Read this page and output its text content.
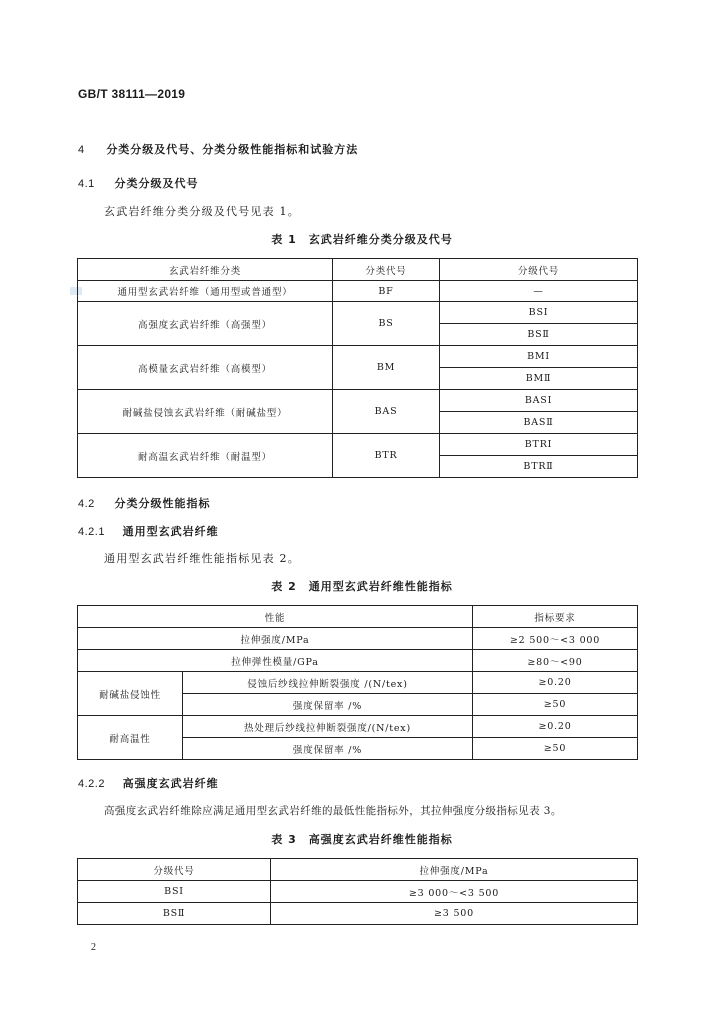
GB/T 38111—2019
4 分类分级及代号、分类分级性能指标和试验方法
4.1 分类分级及代号
玄武岩纤维分类分级及代号见表 1。
表 1　玄武岩纤维分类分级及代号
玄武岩纤维分类	分类代号	分级代号
通用型玄武岩纤维（通用型或普通型）	BF	—
高强度玄武岩纤维（高强型）	BS	BSⅠ
		BSⅡ
高模量玄武岩纤维（高模型）	BM	BMⅠ
		BMⅡ
耐碱盐侵蚀玄武岩纤维（耐碱盐型）	BAS	BASⅠ
		BASⅡ
耐高温玄武岩纤维（耐温型）	BTR	BTRⅠ
		BTRⅡ
4.2 分类分级性能指标
4.2.1 通用型玄武岩纤维
通用型玄武岩纤维性能指标见表 2。
表 2　通用型玄武岩纤维性能指标
性能		指标要求
拉伸强度/MPa		≥2 500～<3 000
拉伸弹性模量/GPa		≥80～<90
耐碱盐侵蚀性	侵蚀后纱线拉伸断裂强度 /(N/tex)	≥0.20
	强度保留率 /%	≥50
耐高温性	热处理后纱线拉伸断裂强度/(N/tex)	≥0.20
	强度保留率 /%	≥50
4.2.2 高强度玄武岩纤维
高强度玄武岩纤维除应满足通用型玄武岩纤维的最低性能指标外，其拉伸强度分级指标见表 3。
表 3　高强度玄武岩纤维性能指标
分级代号	拉伸强度/MPa
BSⅠ	≥3 000～<3 500
BSⅡ	≥3 500
2
